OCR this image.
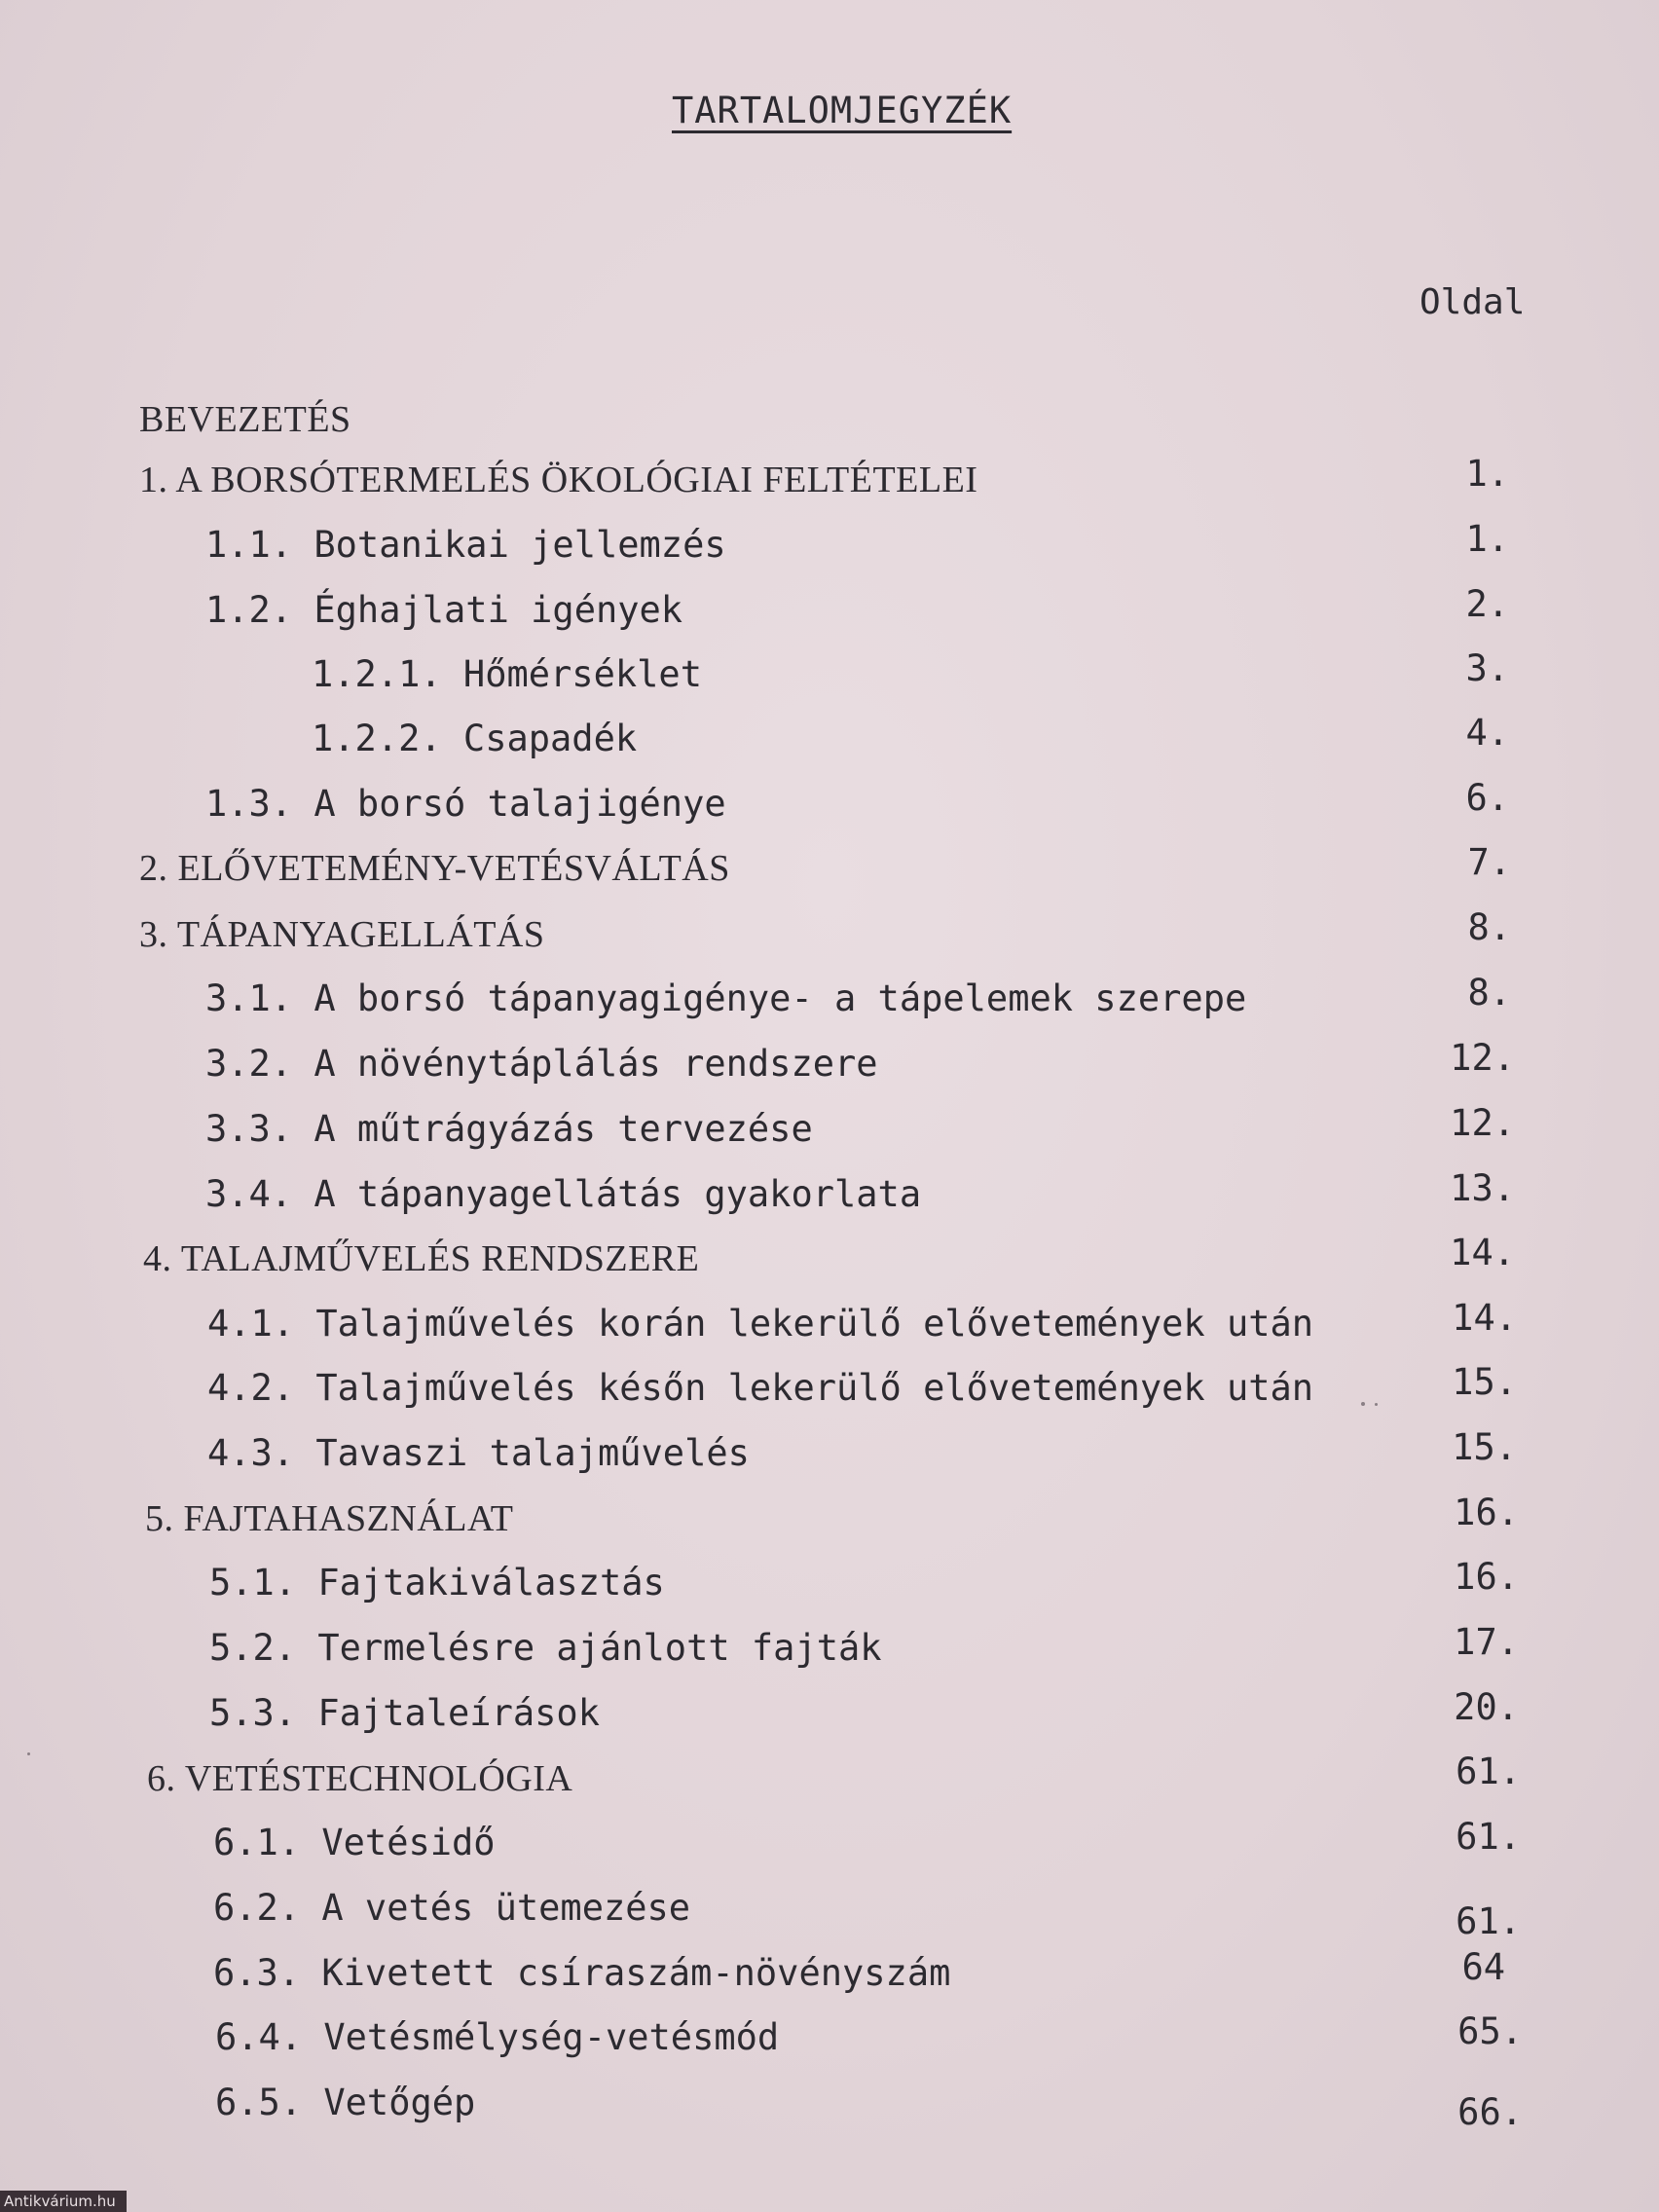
TARTALOMJEGYZÉK
Oldal
BEVEZETÉS
1. A BORSÓTERMELÉS ÖKOLÓGIAI FELTÉTELEI	1.
1.1. Botanikai jellemzés	1.
1.2. Éghajlati igények	2.
1.2.1. Hőmérséklet	3.
1.2.2. Csapadék	4.
1.3. A borsó talajigénye	6.
2. ELŐVETEMÉNY-VETÉSVÁLTÁS	7.
3. TÁPANYAGELLÁTÁS	8.
3.1. A borsó tápanyagigénye- a tápelemek szerepe	8.
3.2. A növénytáplálás rendszere	12.
3.3. A műtrágyázás tervezése	12.
3.4. A tápanyagellátás gyakorlata	13.
4. TALAJMŰVELÉS RENDSZERE	14.
4.1. Talajművelés korán lekerülő elővetemények után	14.
4.2. Talajművelés későn lekerülő elővetemények után	15.
4.3. Tavaszi talajművelés	15.
5. FAJTAHASZNÁLAT	16.
5.1. Fajtakiválasztás	16.
5.2. Termelésre ajánlott fajták	17.
5.3. Fajtaleírások	20.
6. VETÉSTECHNOLÓGIA	61.
6.1. Vetésidő	61.
6.2. A vetés ütemezése	61.
6.3. Kivetett csíraszám-növényszám	64
6.4. Vetésmélység-vetésmód	65.
6.5. Vetőgép	66.
Antikvárium.hu
